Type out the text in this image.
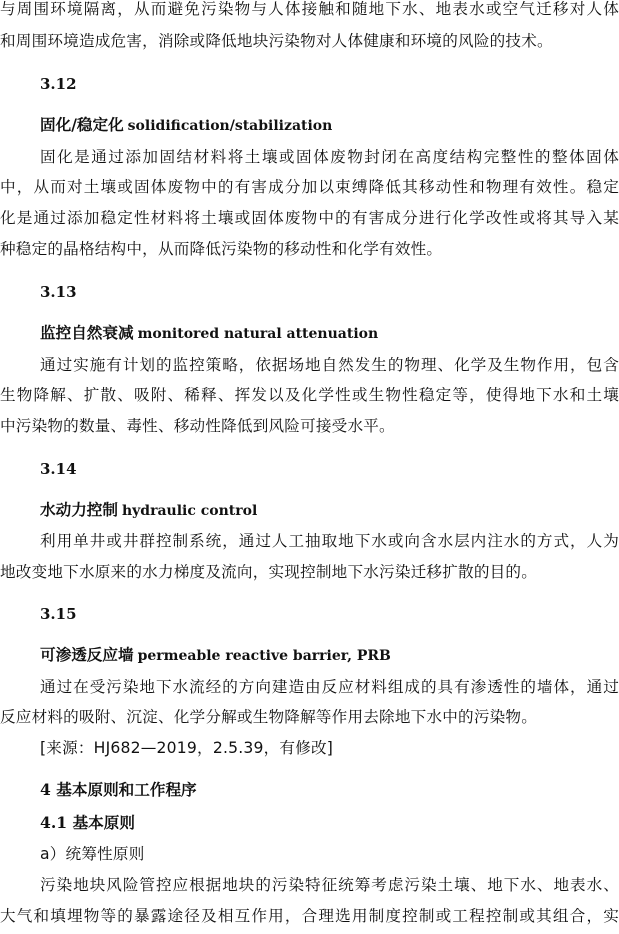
与周围环境隔离，从而避免污染物与人体接触和随地下水、地表水或空气迁移对人体
和周围环境造成危害，消除或降低地块污染物对人体健康和环境的风险的技术。
3.12
固化/稳定化 solidification/stabilization
固化是通过添加固结材料将土壤或固体废物封闭在高度结构完整性的整体固体
中，从而对土壤或固体废物中的有害成分加以束缚降低其移动性和物理有效性。稳定
化是通过添加稳定性材料将土壤或固体废物中的有害成分进行化学改性或将其导入某
种稳定的晶格结构中，从而降低污染物的移动性和化学有效性。
3.13
监控自然衰减 monitored natural attenuation
通过实施有计划的监控策略，依据场地自然发生的物理、化学及生物作用，包含
生物降解、扩散、吸附、稀释、挥发以及化学性或生物性稳定等，使得地下水和土壤
中污染物的数量、毒性、移动性降低到风险可接受水平。
3.14
水动力控制 hydraulic control
利用单井或井群控制系统，通过人工抽取地下水或向含水层内注水的方式，人为
地改变地下水原来的水力梯度及流向，实现控制地下水污染迁移扩散的目的。
3.15
可渗透反应墙 permeable reactive barrier, PRB
通过在受污染地下水流经的方向建造由反应材料组成的具有渗透性的墙体，通过
反应材料的吸附、沉淀、化学分解或生物降解等作用去除地下水中的污染物。
[来源：HJ682—2019，2.5.39，有修改]
4 基本原则和工作程序
4.1 基本原则
a）统筹性原则
污染地块风险管控应根据地块的污染特征统筹考虑污染土壤、地下水、地表水、
大气和填埋物等的暴露途径及相互作用，合理选用制度控制或工程控制或其组合，实
